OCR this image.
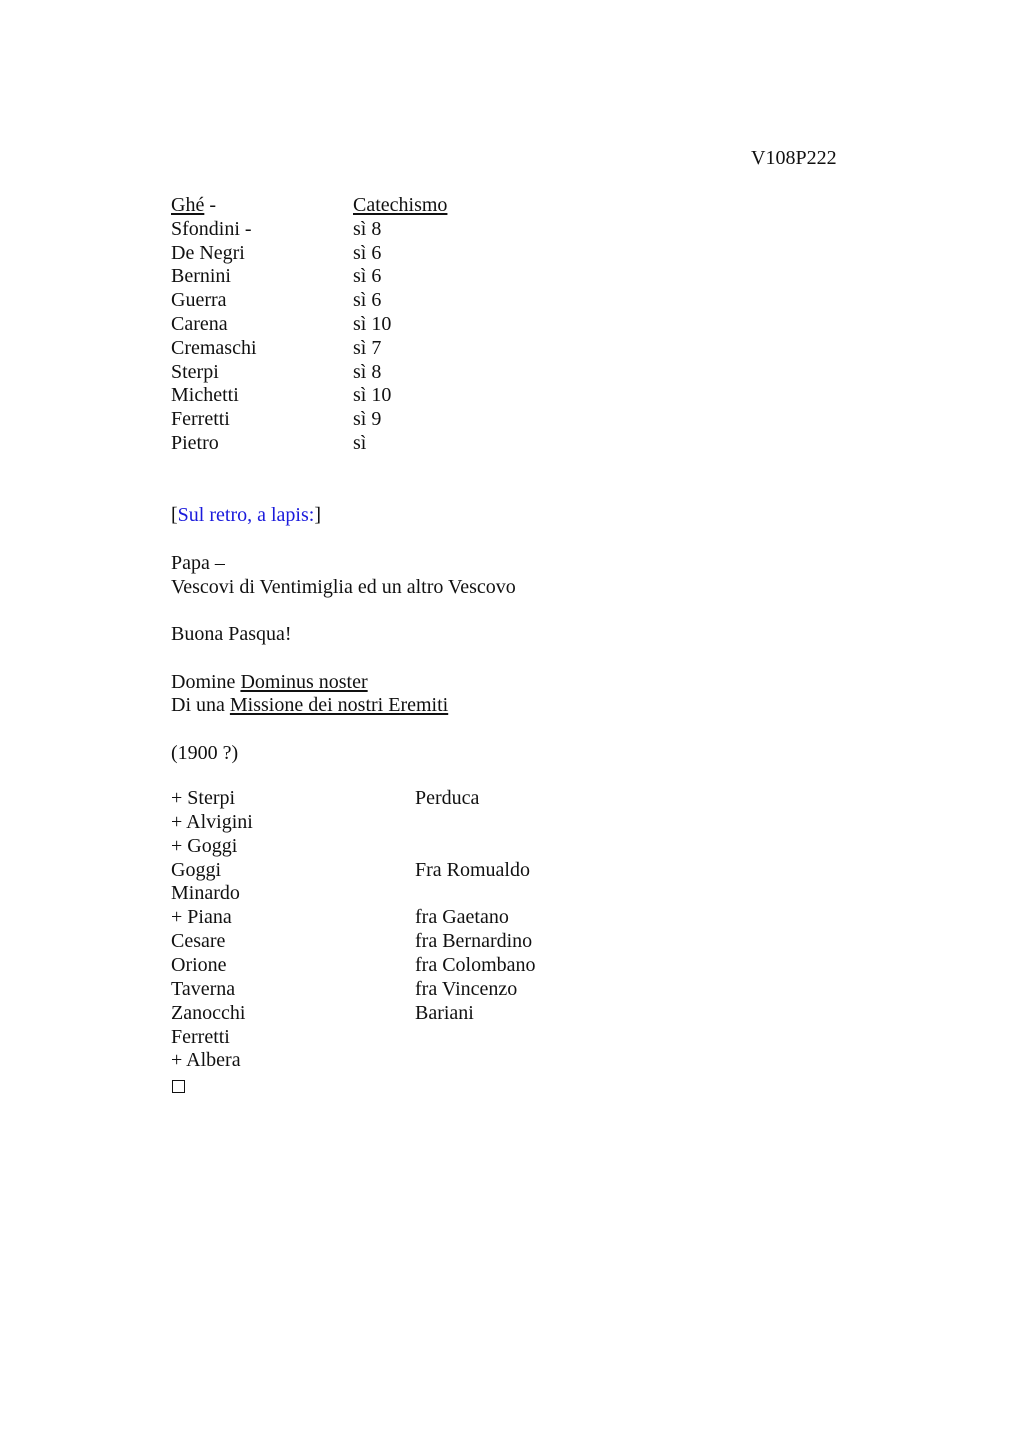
V108P222
Ghé -	Catechismo
Sfondini -	sì 8
De Negri	sì 6
Bernini	sì 6
Guerra	sì 6
Carena	sì 10
Cremaschi	sì 7
Sterpi	sì 8
Michetti	sì 10
Ferretti	sì 9
Pietro	sì
[Sul retro, a lapis:]
Papa –
Vescovi di Ventimiglia ed un altro Vescovo
Buona Pasqua!
Domine Dominus noster
Di una Missione dei nostri Eremiti
(1900 ?)
+ Sterpi	Perduca
+ Alvigini
+ Goggi
Goggi	Fra Romualdo
Minardo
+ Piana	fra Gaetano
Cesare	fra Bernardino
Orione	fra Colombano
Taverna	fra Vincenzo
Zanocchi	Bariani
Ferretti
+ Albera
